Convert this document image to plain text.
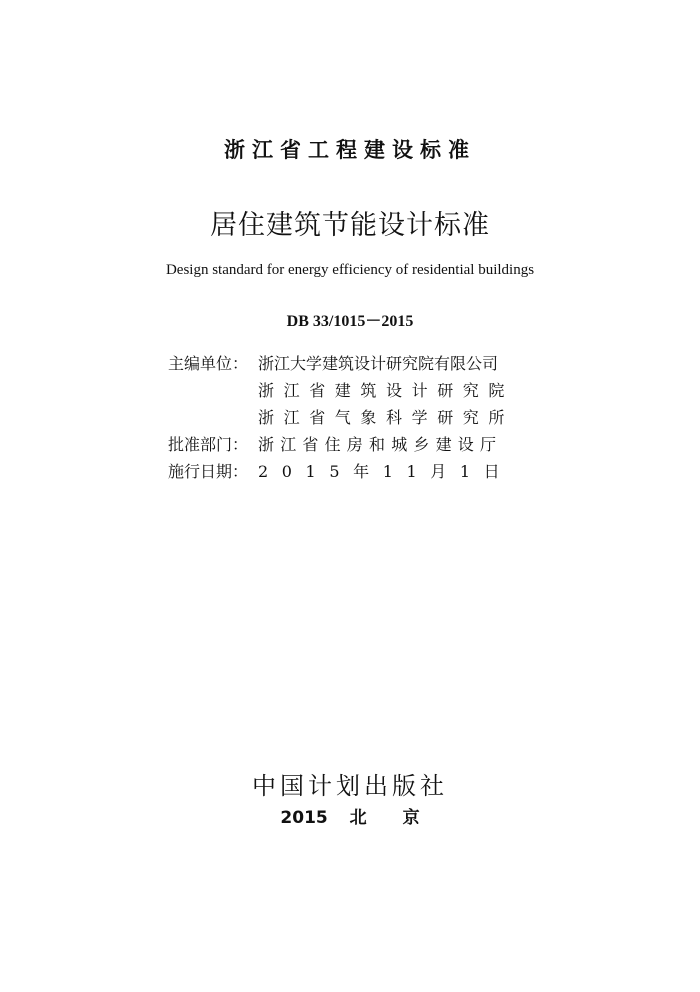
浙江省工程建设标准
居住建筑节能设计标准
Design standard for energy efficiency of residential buildings
DB 33/1015－2015
主编单位： 浙江大学建筑设计研究院有限公司
浙江省建筑设计研究院
浙江省气象科学研究所
批准部门： 浙江省住房和城乡建设厅
施行日期： 2015年11月1日
中国计划出版社
2015 北 京
